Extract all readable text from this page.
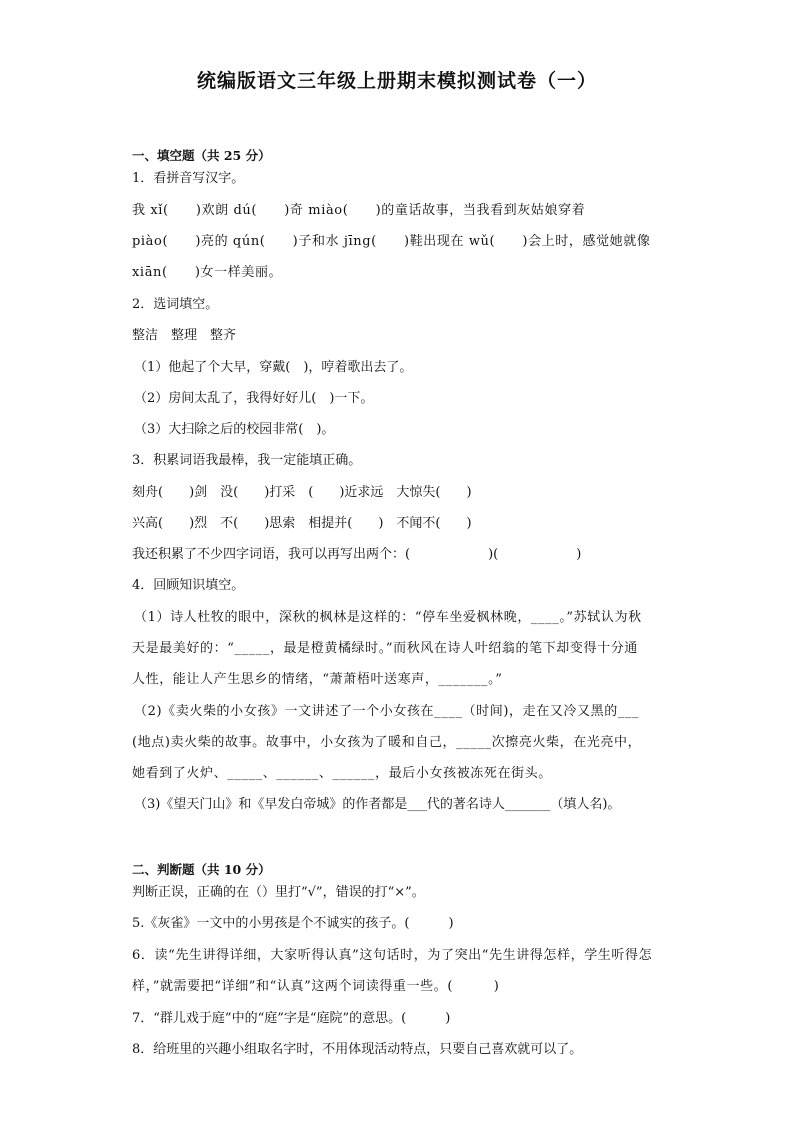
统编版语文三年级上册期末模拟测试卷（一）
一、填空题（共 25 分）
1．看拼音写汉字。
我 xǐ(　　)欢朗 dú(　　)奇 miào(　　)的童话故事，当我看到灰姑娘穿着
piào(　　)亮的 qún(　　)子和水 jīng(　　)鞋出现在 wǔ(　　)会上时，感觉她就像
xiān(　　)女一样美丽。
2．选词填空。
整洁　整理　整齐
（1）他起了个大早，穿戴(　)，哼着歌出去了。
（2）房间太乱了，我得好好儿(　)一下。
（3）大扫除之后的校园非常(　)。
3．积累词语我最棒，我一定能填正确。
刻舟(　　)剑　没(　　)打采　(　　)近求远　大惊失(　　)
兴高(　　)烈　不(　　)思索　相提并(　　)　不闻不(　　)
我还积累了不少四字词语，我可以再写出两个：(　　　　　　)(　　　　　　)
4．回顾知识填空。
（1）诗人杜牧的眼中，深秋的枫林是这样的：“停车坐爱枫林晚，____。”苏轼认为秋
天是最美好的：“_____，最是橙黄橘绿时。”而秋风在诗人叶绍翁的笔下却变得十分通
人性，能让人产生思乡的情绪，“萧萧梧叶送寒声，_______。”
（2)《卖火柴的小女孩》一文讲述了一个小女孩在____（时间)，走在又冷又黑的___
(地点)卖火柴的故事。故事中，小女孩为了暖和自己，_____次擦亮火柴，在光亮中，
她看到了火炉、_____、______、______，最后小女孩被冻死在街头。
（3)《望天门山》和《早发白帝城》的作者都是___代的著名诗人_______（填人名)。
二、判断题（共 10 分）
判断正误，正确的在（）里打“√”，错误的打“×”。
5.《灰雀》一文中的小男孩是个不诚实的孩子。(　　　)
6．读“先生讲得详细，大家听得认真”这句话时，为了突出“先生讲得怎样，学生听得怎
样，”就需要把“详细”和“认真”这两个词读得重一些。(　　　)
7．“群儿戏于庭”中的“庭”字是“庭院”的意思。(　　　)
8．给班里的兴趣小组取名字时，不用体现活动特点，只要自己喜欢就可以了。
